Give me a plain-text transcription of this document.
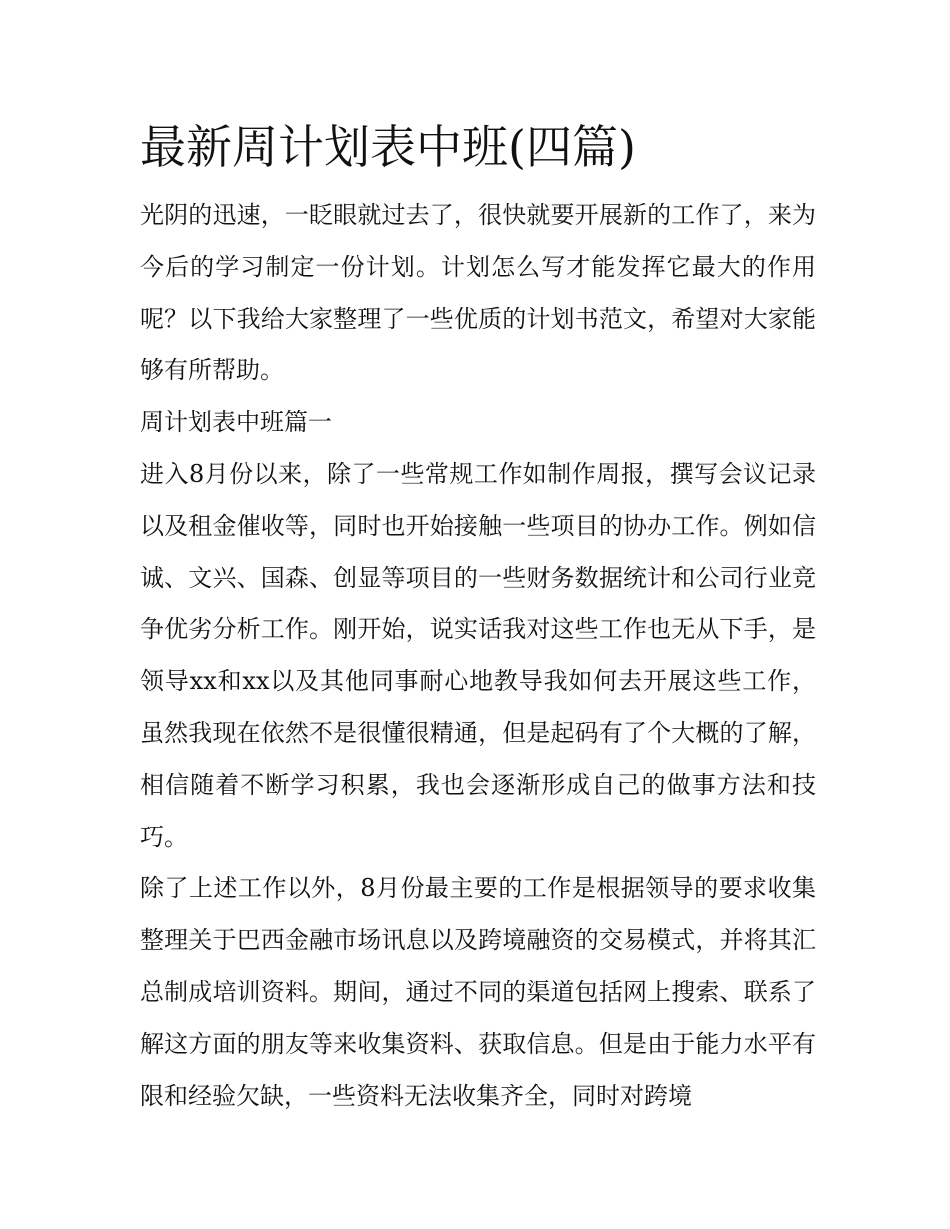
最新周计划表中班(四篇)

光阴的迅速，一眨眼就过去了，很快就要开展新的工作了，来为今后的学习制定一份计划。计划怎么写才能发挥它最大的作用呢？以下我给大家整理了一些优质的计划书范文，希望对大家能够有所帮助。

周计划表中班篇一

进入8月份以来，除了一些常规工作如制作周报，撰写会议记录以及租金催收等，同时也开始接触一些项目的协办工作。例如信诚、文兴、国森、创显等项目的一些财务数据统计和公司行业竞争优劣分析工作。刚开始，说实话我对这些工作也无从下手，是领导xx和xx以及其他同事耐心地教导我如何去开展这些工作，虽然我现在依然不是很懂很精通，但是起码有了个大概的了解，相信随着不断学习积累，我也会逐渐形成自己的做事方法和技巧。

除了上述工作以外，8月份最主要的工作是根据领导的要求收集整理关于巴西金融市场讯息以及跨境融资的交易模式，并将其汇总制成培训资料。期间，通过不同的渠道包括网上搜索、联系了解这方面的朋友等来收集资料、获取信息。但是由于能力水平有限和经验欠缺，一些资料无法收集齐全，同时对跨境
